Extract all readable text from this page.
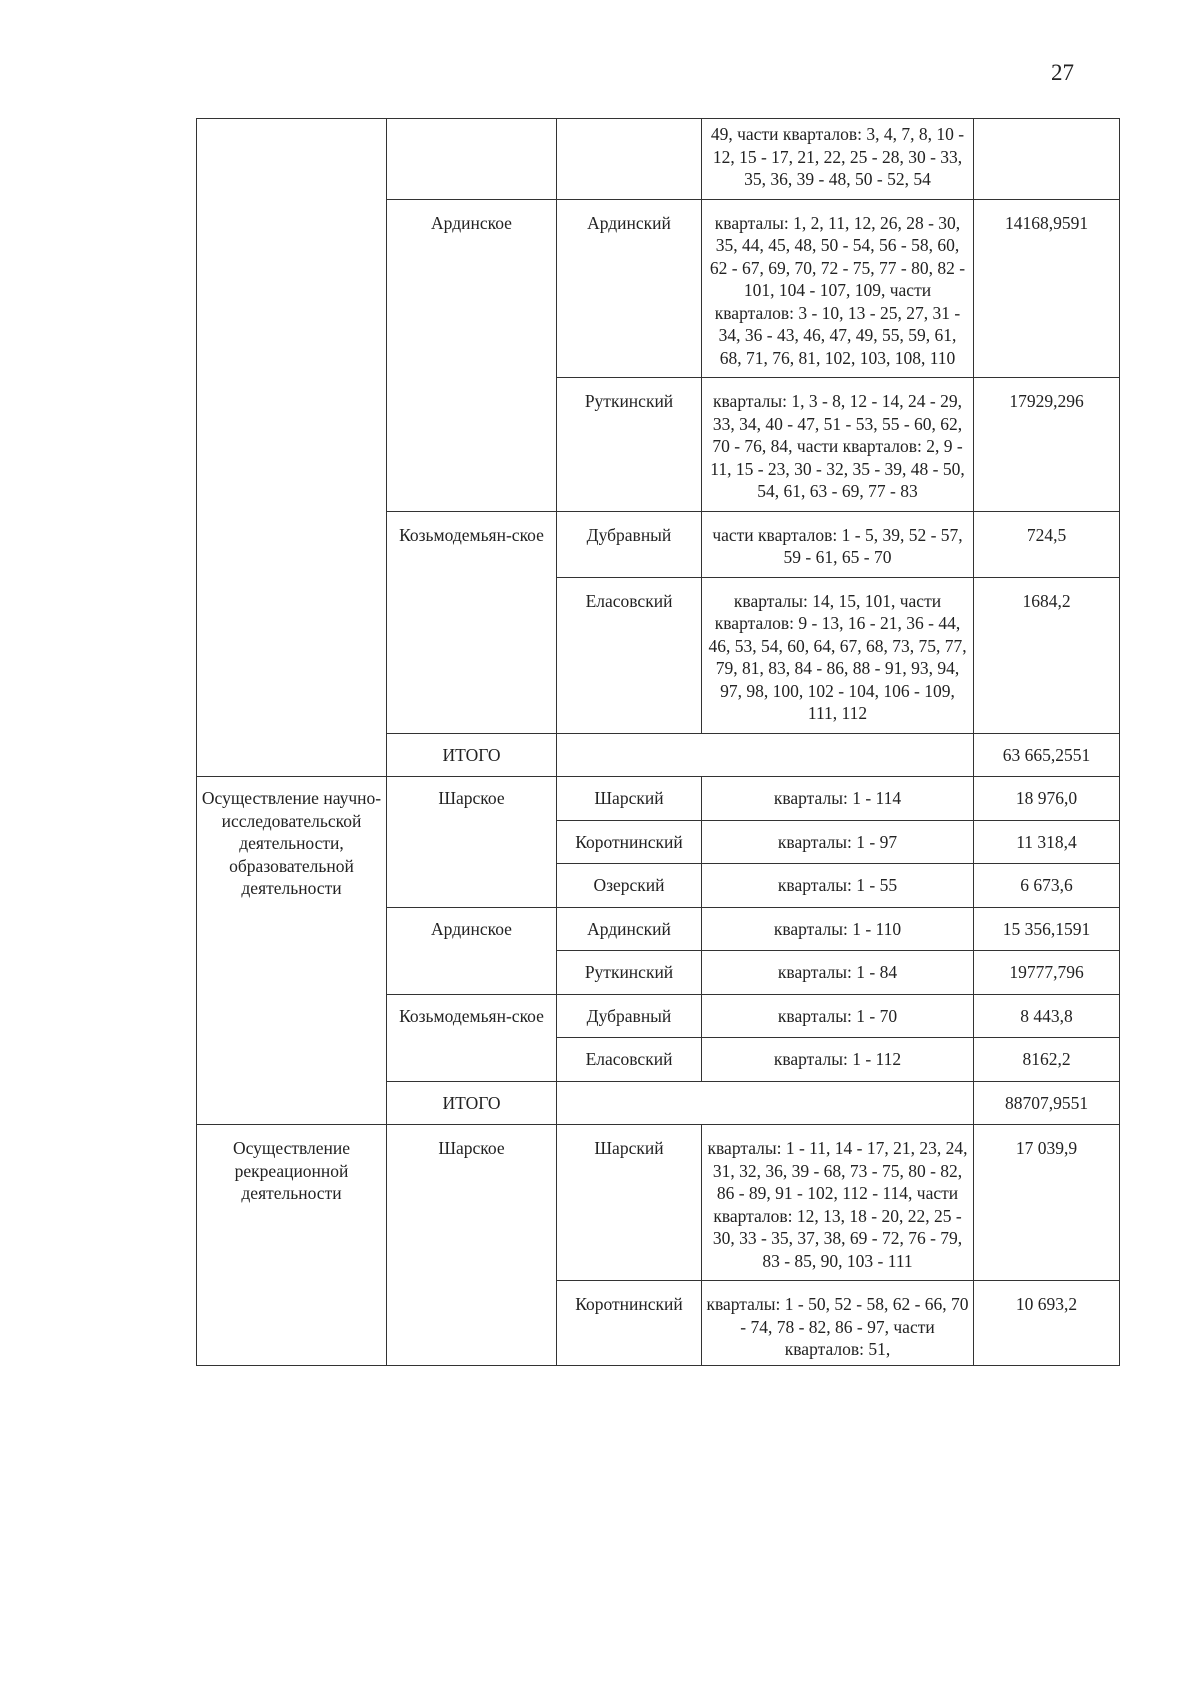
27
			49, части кварталов: 3, 4, 7, 8, 10 - 12, 15 - 17, 21, 22, 25 - 28, 30 - 33, 35, 36, 39 - 48, 50 - 52, 54	
	Ардинское	Ардинский	кварталы: 1, 2, 11, 12, 26, 28 - 30, 35, 44, 45, 48, 50 - 54, 56 - 58, 60, 62 - 67, 69, 70, 72 - 75, 77 - 80, 82 - 101, 104 - 107, 109, части кварталов: 3 - 10, 13 - 25, 27, 31 - 34, 36 - 43, 46, 47, 49, 55, 59, 61, 68, 71, 76, 81, 102, 103, 108, 110	14168,9591
		Руткинский	кварталы: 1, 3 - 8, 12 - 14, 24 - 29, 33, 34, 40 - 47, 51 - 53, 55 - 60, 62, 70 - 76, 84, части кварталов: 2, 9 - 11, 15 - 23, 30 - 32, 35 - 39, 48 - 50, 54, 61, 63 - 69, 77 - 83	17929,296
	Козьмодемьян-ское	Дубравный	части кварталов: 1 - 5, 39, 52 - 57, 59 - 61, 65 - 70	724,5
		Еласовский	кварталы: 14, 15, 101, части кварталов: 9 - 13, 16 - 21, 36 - 44, 46, 53, 54, 60, 64, 67, 68, 73, 75, 77, 79, 81, 83, 84 - 86, 88 - 91, 93, 94, 97, 98, 100, 102 - 104, 106 - 109, 111, 112	1684,2
	ИТОГО			63 665,2551

Осуществление научно-исследовательской деятельности, образовательной деятельности	Шарское	Шарский	кварталы: 1 - 114	18 976,0
		Коротнинский	кварталы: 1 - 97	11 318,4
		Озерский	кварталы: 1 - 55	6 673,6
	Ардинское	Ардинский	кварталы: 1 - 110	15 356,1591
		Руткинский	кварталы: 1 - 84	19777,796
	Козьмодемьян-ское	Дубравный	кварталы: 1 - 70	8 443,8
		Еласовский	кварталы: 1 - 112	8162,2
	ИТОГО			88707,9551
Осуществление рекреационной деятельности	Шарское	Шарский	кварталы: 1 - 11, 14 - 17, 21, 23, 24, 31, 32, 36, 39 - 68, 73 - 75, 80 - 82, 86 - 89, 91 - 102, 112 - 114, части кварталов: 12, 13, 18 - 20, 22, 25 - 30, 33 - 35, 37, 38, 69 - 72, 76 - 79, 83 - 85, 90, 103 - 111	17 039,9
		Коротнинский	кварталы: 1 - 50, 52 - 58, 62 - 66, 70 - 74, 78 - 82, 86 - 97, части кварталов: 51,	10 693,2
